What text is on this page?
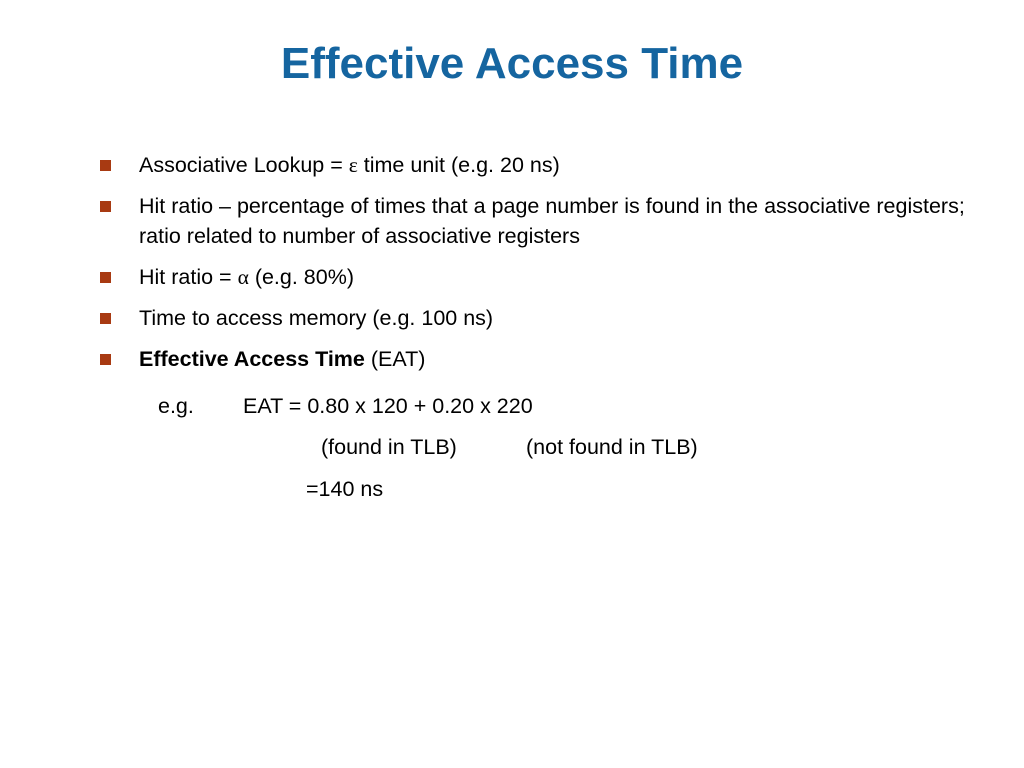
Effective Access Time
Associative Lookup = ε time unit (e.g. 20 ns)
Hit ratio – percentage of times that a page number is found in the associative registers; ratio related to number of associative registers
Hit ratio = α (e.g. 80%)
Time to access memory (e.g. 100 ns)
Effective Access Time (EAT)
e.g. EAT = 0.80 x 120 + 0.20 x 220
(found in TLB)	(not found in TLB)
=140 ns
